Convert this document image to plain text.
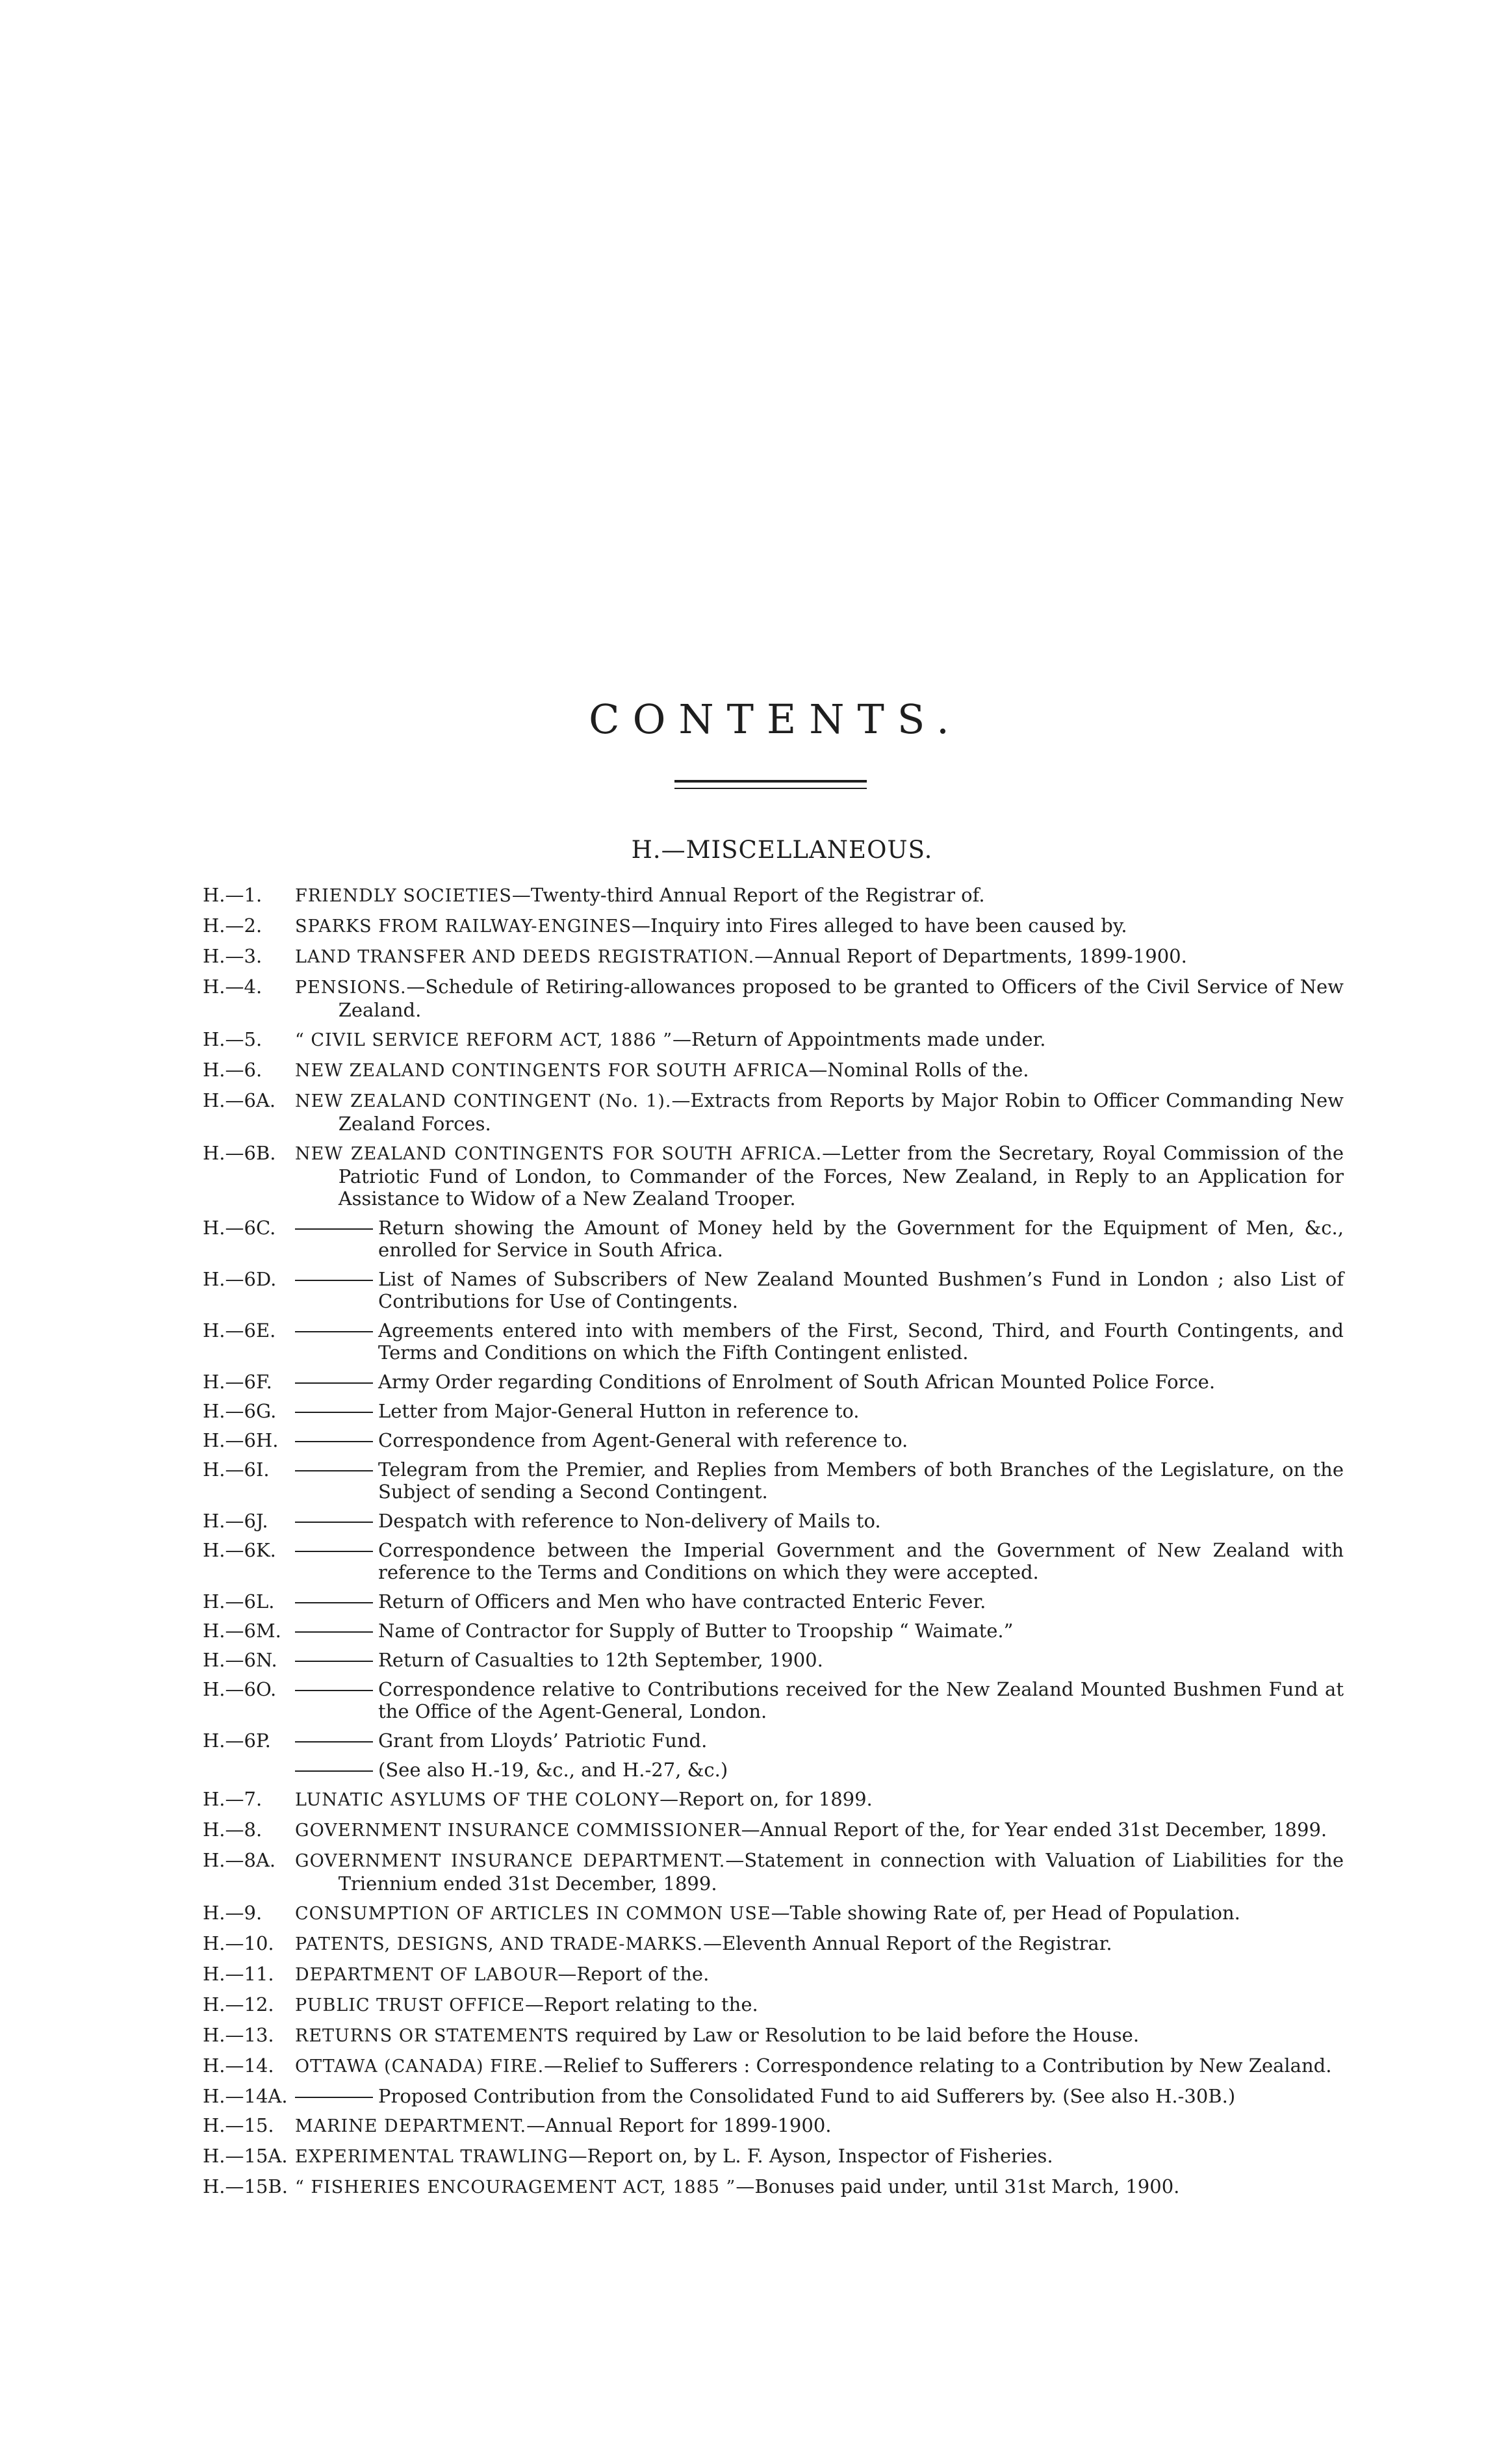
CONTENTS.
H.—MISCELLANEOUS.
H.—1.	FRIENDLY SOCIETIES—Twenty-third Annual Report of the Registrar of.
H.—2.	SPARKS FROM RAILWAY-ENGINES—Inquiry into Fires alleged to have been caused by.
H.—3.	LAND TRANSFER AND DEEDS REGISTRATION.—Annual Report of Departments, 1899-1900.
H.—4.	PENSIONS.—Schedule of Retiring-allowances proposed to be granted to Officers of the Civil Service of New Zealand.
H.—5.	“ CIVIL SERVICE REFORM ACT, 1886 ”—Return of Appointments made under.
H.—6.	NEW ZEALAND CONTINGENTS FOR SOUTH AFRICA—Nominal Rolls of the.
H.—6A.	NEW ZEALAND CONTINGENT (No. 1).—Extracts from Reports by Major Robin to Officer Commanding New Zealand Forces.
H.—6B.	NEW ZEALAND CONTINGENTS FOR SOUTH AFRICA.—Letter from the Secretary, Royal Commission of the Patriotic Fund of London, to Commander of the Forces, New Zealand, in Reply to an Application for Assistance to Widow of a New Zealand Trooper.
H.—6C.	Return showing the Amount of Money held by the Government for the Equipment of Men, &c., enrolled for Service in South Africa.
H.—6D.	List of Names of Subscribers of New Zealand Mounted Bushmen’s Fund in London ; also List of Contributions for Use of Contingents.
H.—6E.	Agreements entered into with members of the First, Second, Third, and Fourth Contingents, and Terms and Conditions on which the Fifth Contingent enlisted.
H.—6F.	Army Order regarding Conditions of Enrolment of South African Mounted Police Force.
H.—6G.	Letter from Major-General Hutton in reference to.
H.—6H.	Correspondence from Agent-General with reference to.
H.—6I.	Telegram from the Premier, and Replies from Members of both Branches of the Legislature, on the Subject of sending a Second Contingent.
H.—6J.	Despatch with reference to Non-delivery of Mails to.
H.—6K.	Correspondence between the Imperial Government and the Government of New Zealand with reference to the Terms and Conditions on which they were accepted.
H.—6L.	Return of Officers and Men who have contracted Enteric Fever.
H.—6M.	Name of Contractor for Supply of Butter to Troopship “ Waimate.”
H.—6N.	Return of Casualties to 12th September, 1900.
H.—6O.	Correspondence relative to Contributions received for the New Zealand Mounted Bushmen Fund at the Office of the Agent-General, London.
H.—6P.	Grant from Lloyds’ Patriotic Fund.
(See also H.-19, &c., and H.-27, &c.)
H.—7.	LUNATIC ASYLUMS OF THE COLONY—Report on, for 1899.
H.—8.	GOVERNMENT INSURANCE COMMISSIONER—Annual Report of the, for Year ended 31st December, 1899.
H.—8A.	GOVERNMENT INSURANCE DEPARTMENT.—Statement in connection with Valuation of Liabilities for the Triennium ended 31st December, 1899.
H.—9.	CONSUMPTION OF ARTICLES IN COMMON USE—Table showing Rate of, per Head of Population.
H.—10.	PATENTS, DESIGNS, AND TRADE-MARKS.—Eleventh Annual Report of the Registrar.
H.—11.	DEPARTMENT OF LABOUR—Report of the.
H.—12.	PUBLIC TRUST OFFICE—Report relating to the.
H.—13.	RETURNS OR STATEMENTS required by Law or Resolution to be laid before the House.
H.—14.	OTTAWA (CANADA) FIRE.—Relief to Sufferers : Correspondence relating to a Contribution by New Zealand.
H.—14A.	Proposed Contribution from the Consolidated Fund to aid Sufferers by. (See also H.-30B.)
H.—15.	MARINE DEPARTMENT.—Annual Report for 1899-1900.
H.—15A. EXPERIMENTAL TRAWLING—Report on, by L. F. Ayson, Inspector of Fisheries.
H.—15B. “ FISHERIES ENCOURAGEMENT ACT, 1885 ”—Bonuses paid under, until 31st March, 1900.
